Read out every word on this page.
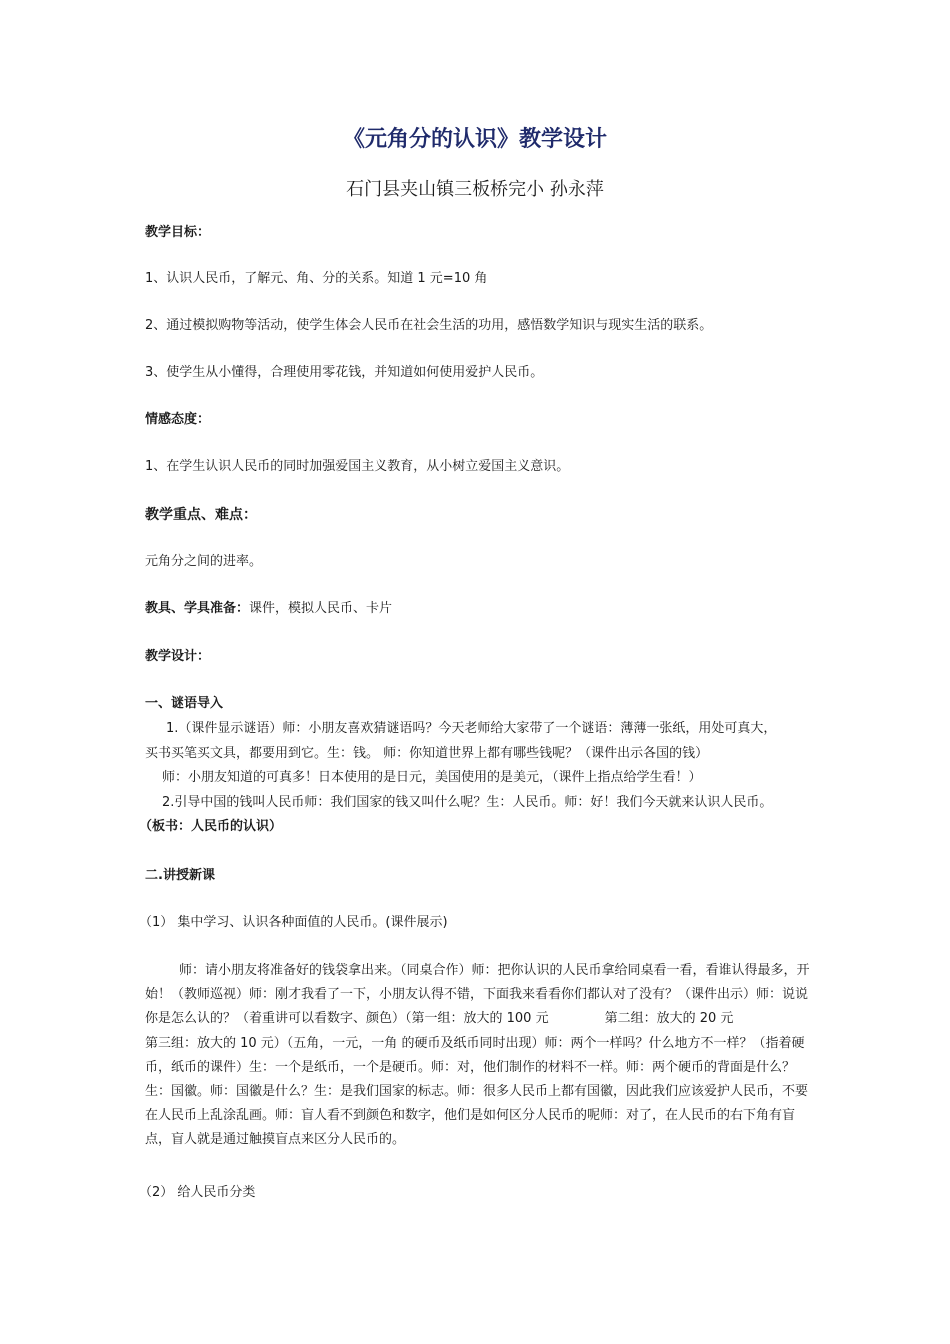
《元角分的认识》教学设计
石门县夹山镇三板桥完小 孙永萍
教学目标：
1、认识人民币，了解元、角、分的关系。知道 1 元=10 角
2、通过模拟购物等活动，使学生体会人民币在社会生活的功用，感悟数学知识与现实生活的联系。
3、使学生从小懂得，合理使用零花钱，并知道如何使用爱护人民币。
情感态度：
1、在学生认识人民币的同时加强爱国主义教育，从小树立爱国主义意识。
教学重点、难点：
元角分之间的进率。
教具、学具准备：课件，模拟人民币、卡片
教学设计：
一、谜语导入
1.（课件显示谜语）师：小朋友喜欢猜谜语吗？今天老师给大家带了一个谜语：薄薄一张纸，用处可真大，
买书买笔买文具，都要用到它。生：钱。 师：你知道世界上都有哪些钱呢？（课件出示各国的钱）
师：小朋友知道的可真多！日本使用的是日元，美国使用的是美元，（课件上指点给学生看！）
2.引导中国的钱叫人民币师：我们国家的钱又叫什么呢？生：人民币。师：好！我们今天就来认识人民币。
（板书：人民币的认识）
二.讲授新课
（1） 集中学习、认识各种面值的人民币。(课件展示)
师：请小朋友将准备好的钱袋拿出来。（同桌合作）师：把你认识的人民币拿给同桌看一看，看谁认得最多，开始！（教师巡视）师：刚才我看了一下，小朋友认得不错，下面我来看看你们都认对了没有？（课件出示）师：说说你是怎么认的？（着重讲可以看数字、颜色）（第一组：放大的 100 元	第二组：放大的 20 元第三组：放大的 10 元）（五角，一元，一角 的硬币及纸币同时出现）师：两个一样吗？什么地方不一样？（指着硬币，纸币的课件）生：一个是纸币，一个是硬币。师：对，他们制作的材料不一样。师：两个硬币的背面是什么？生：国徽。师：国徽是什么？生：是我们国家的标志。师：很多人民币上都有国徽，因此我们应该爱护人民币，不要在人民币上乱涂乱画。师：盲人看不到颜色和数字，他们是如何区分人民币的呢师：对了，在人民币的右下角有盲点，盲人就是通过触摸盲点来区分人民币的。
（2） 给人民币分类
